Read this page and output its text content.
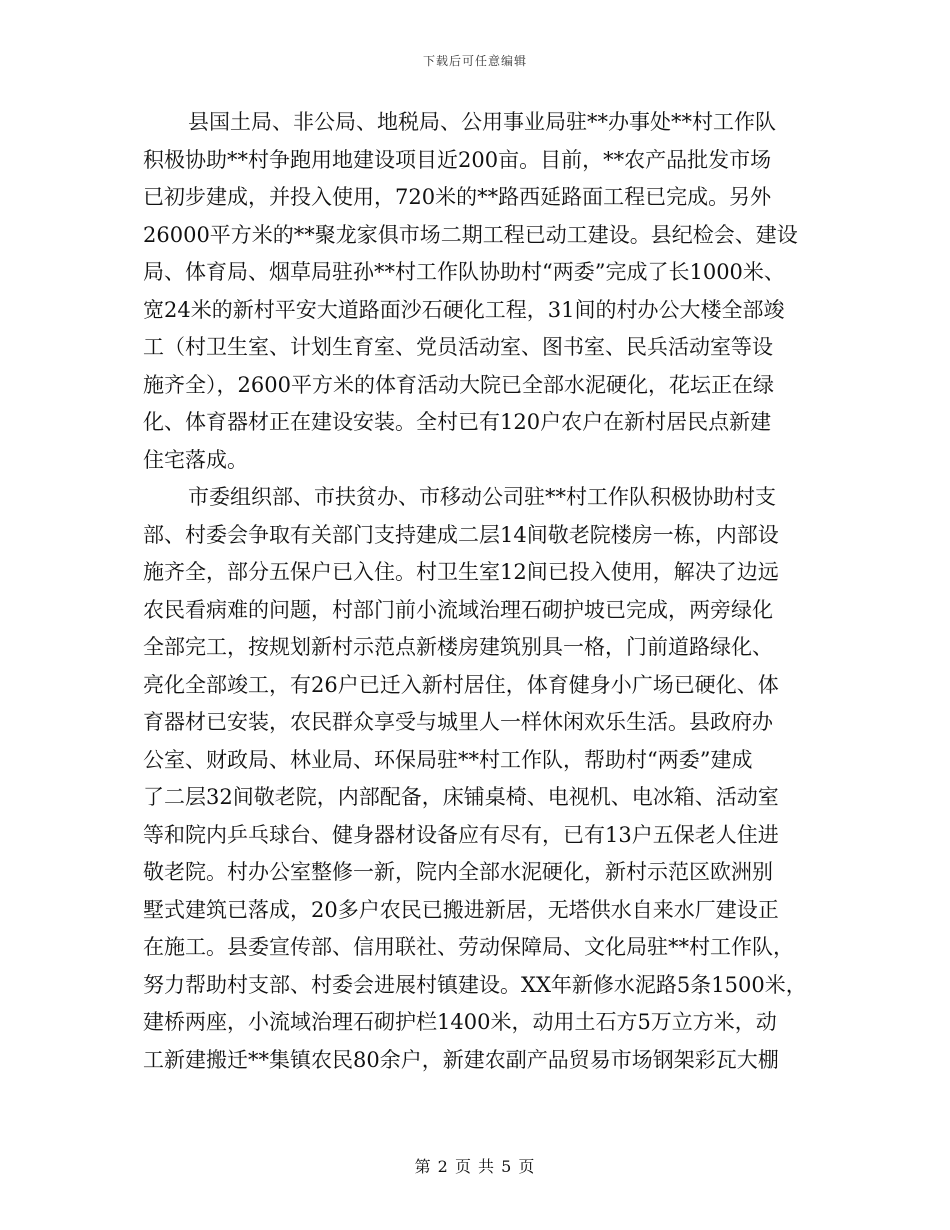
下载后可任意编辑
县国土局、非公局、地税局、公用事业局驻**办事处**村工作队
积极协助**村争跑用地建设项目近200亩。目前，**农产品批发市场
已初步建成，并投入使用，720米的**路西延路面工程已完成。另外
26000平方米的**聚龙家俱市场二期工程已动工建设。县纪检会、建设
局、体育局、烟草局驻孙**村工作队协助村“两委”完成了长1000米、
宽24米的新村平安大道路面沙石硬化工程，31间的村办公大楼全部竣
工（村卫生室、计划生育室、党员活动室、图书室、民兵活动室等设
施齐全），2600平方米的体育活动大院已全部水泥硬化，花坛正在绿
化、体育器材正在建设安装。全村已有120户农户在新村居民点新建
住宅落成。
市委组织部、市扶贫办、市移动公司驻**村工作队积极协助村支
部、村委会争取有关部门支持建成二层14间敬老院楼房一栋，内部设
施齐全，部分五保户已入住。村卫生室12间已投入使用，解决了边远
农民看病难的问题，村部门前小流域治理石砌护坡已完成，两旁绿化
全部完工，按规划新村示范点新楼房建筑别具一格，门前道路绿化、
亮化全部竣工，有26户已迁入新村居住，体育健身小广场已硬化、体
育器材已安装，农民群众享受与城里人一样休闲欢乐生活。县政府办
公室、财政局、林业局、环保局驻**村工作队，帮助村“两委”建成
了二层32间敬老院，内部配备，床铺桌椅、电视机、电冰箱、活动室
等和院内乒乓球台、健身器材设备应有尽有，已有13户五保老人住进
敬老院。村办公室整修一新，院内全部水泥硬化，新村示范区欧洲别
墅式建筑已落成，20多户农民已搬进新居，无塔供水自来水厂建设正
在施工。县委宣传部、信用联社、劳动保障局、文化局驻**村工作队，
努力帮助村支部、村委会进展村镇建设。XX年新修水泥路5条1500米，
建桥两座，小流域治理石砌护栏1400米，动用土石方5万立方米，动
工新建搬迁**集镇农民80余户，新建农副产品贸易市场钢架彩瓦大棚
第 2 页 共 5 页
